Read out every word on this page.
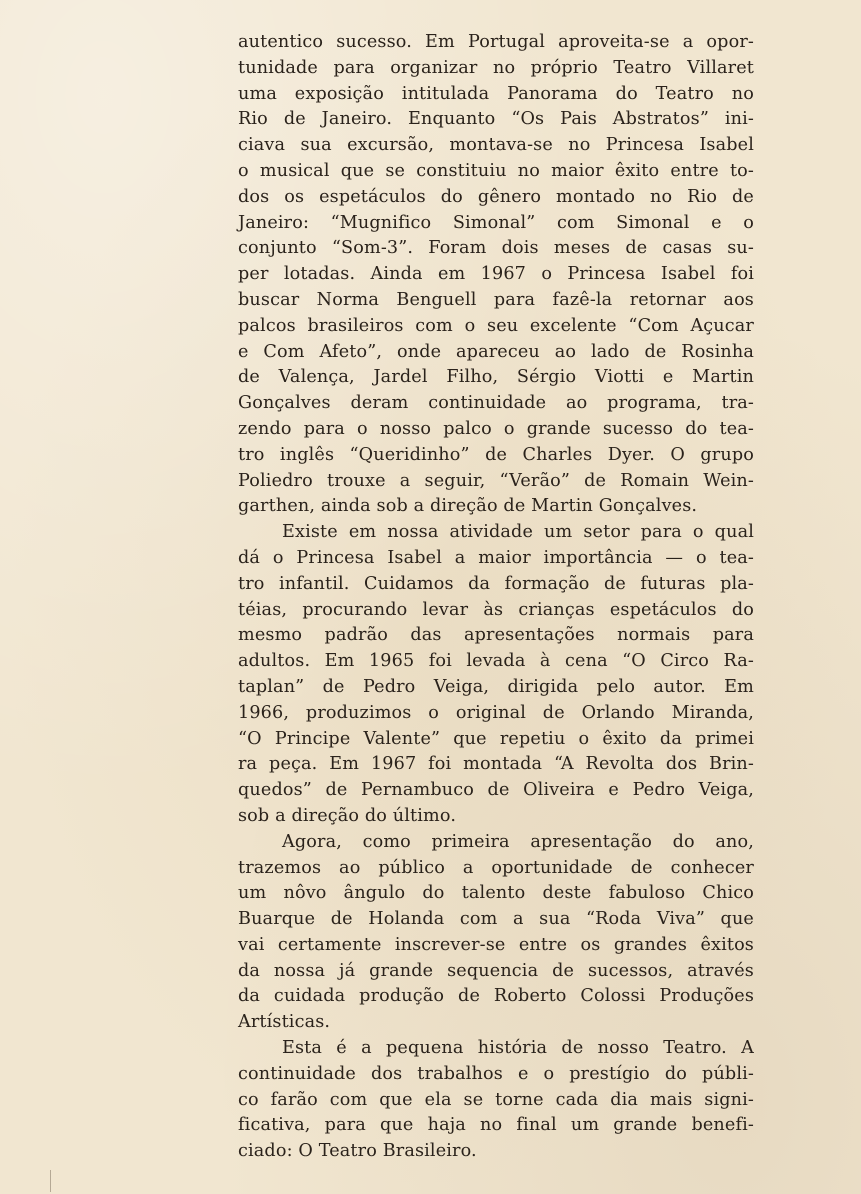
autentico sucesso. Em Portugal aproveita-se a opor-
tunidade para organizar no próprio Teatro Villaret
uma exposição intitulada Panorama do Teatro no
Rio de Janeiro. Enquanto “Os Pais Abstratos” ini-
ciava sua excursão, montava-se no Princesa Isabel
o musical que se constituiu no maior êxito entre to-
dos os espetáculos do gênero montado no Rio de
Janeiro: “Mugnifico Simonal” com Simonal e o
conjunto “Som-3”. Foram dois meses de casas su-
per lotadas. Ainda em 1967 o Princesa Isabel foi
buscar Norma Benguell para fazê-la retornar aos
palcos brasileiros com o seu excelente “Com Açucar
e Com Afeto”, onde apareceu ao lado de Rosinha
de Valença, Jardel Filho, Sérgio Viotti e Martin
Gonçalves deram continuidade ao programa, tra-
zendo para o nosso palco o grande sucesso do tea-
tro inglês “Queridinho” de Charles Dyer. O grupo
Poliedro trouxe a seguir, “Verão” de Romain Wein-
garthen, ainda sob a direção de Martin Gonçalves.
Existe em nossa atividade um setor para o qual
dá o Princesa Isabel a maior importância — o tea-
tro infantil. Cuidamos da formação de futuras pla-
téias, procurando levar às crianças espetáculos do
mesmo padrão das apresentações normais para
adultos. Em 1965 foi levada à cena “O Circo Ra-
taplan” de Pedro Veiga, dirigida pelo autor. Em
1966, produzimos o original de Orlando Miranda,
“O Principe Valente” que repetiu o êxito da primei
ra peça. Em 1967 foi montada “A Revolta dos Brin-
quedos” de Pernambuco de Oliveira e Pedro Veiga,
sob a direção do último.
Agora, como primeira apresentação do ano,
trazemos ao público a oportunidade de conhecer
um nôvo ângulo do talento deste fabuloso Chico
Buarque de Holanda com a sua “Roda Viva” que
vai certamente inscrever-se entre os grandes êxitos
da nossa já grande sequencia de sucessos, através
da cuidada produção de Roberto Colossi Produções
Artísticas.
Esta é a pequena história de nosso Teatro. A
continuidade dos trabalhos e o prestígio do públi-
co farão com que ela se torne cada dia mais signi-
ficativa, para que haja no final um grande benefi-
ciado: O Teatro Brasileiro.
